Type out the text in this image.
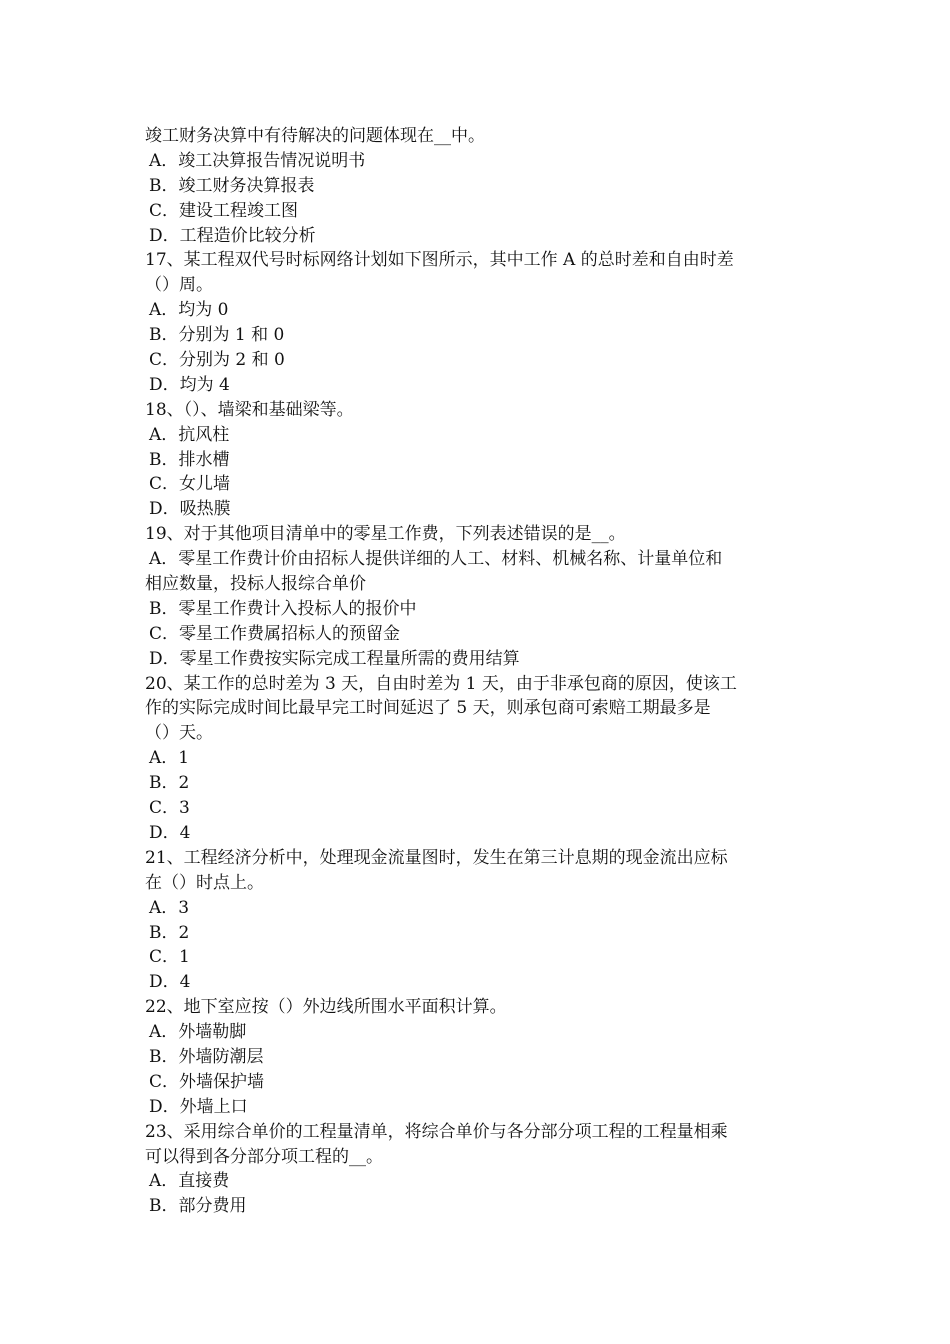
竣工财务决算中有待解决的问题体现在__中。
A．竣工决算报告情况说明书
B．竣工财务决算报表
C．建设工程竣工图
D．工程造价比较分析
17、某工程双代号时标网络计划如下图所示，其中工作 A 的总时差和自由时差
（）周。
A．均为 0
B．分别为 1 和 0
C．分别为 2 和 0
D．均为 4
18、（）、墙梁和基础梁等。
A．抗风柱
B．排水槽
C．女儿墙
D．吸热膜
19、对于其他项目清单中的零星工作费，下列表述错误的是__。
A．零星工作费计价由招标人提供详细的人工、材料、机械名称、计量单位和
相应数量，投标人报综合单价
B．零星工作费计入投标人的报价中
C．零星工作费属招标人的预留金
D．零星工作费按实际完成工程量所需的费用结算
20、某工作的总时差为 3 天，自由时差为 1 天，由于非承包商的原因，使该工
作的实际完成时间比最早完工时间延迟了 5 天，则承包商可索赔工期最多是
（）天。
A．1
B．2
C．3
D．4
21、工程经济分析中，处理现金流量图时，发生在第三计息期的现金流出应标
在（）时点上。
A．3
B．2
C．1
D．4
22、地下室应按（）外边线所围水平面积计算。
A．外墙勒脚
B．外墙防潮层
C．外墙保护墙
D．外墙上口
23、采用综合单价的工程量清单，将综合单价与各分部分项工程的工程量相乘
可以得到各分部分项工程的__。
A．直接费
B．部分费用
